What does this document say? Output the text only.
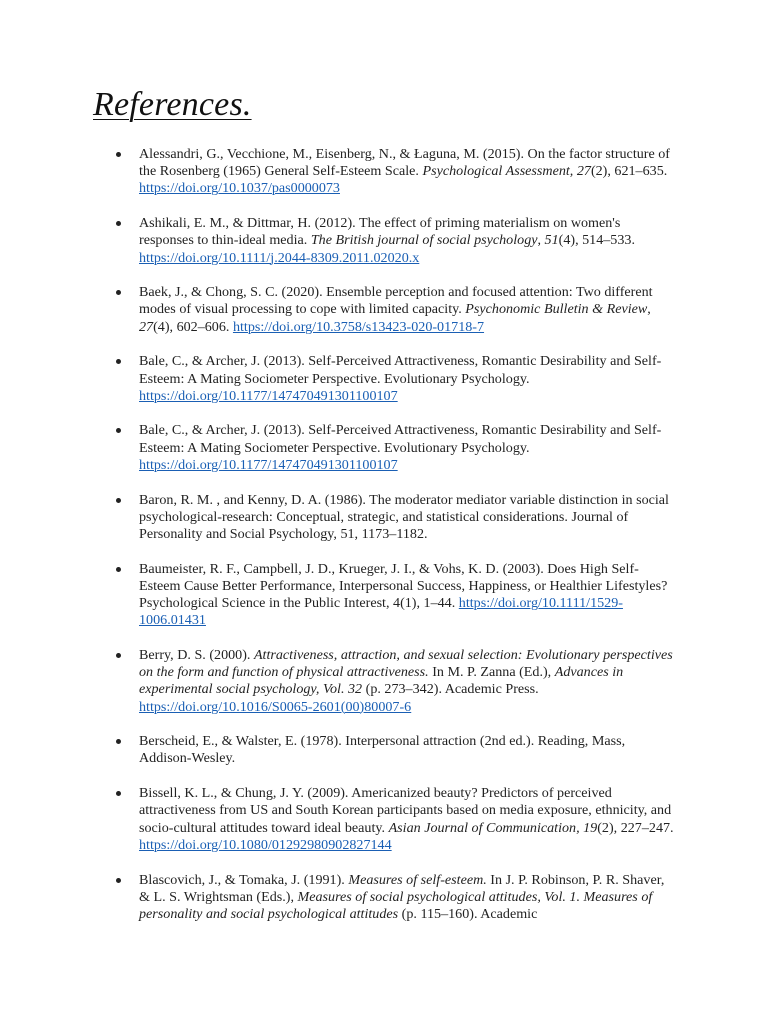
References.
Alessandri, G., Vecchione, M., Eisenberg, N., & Łaguna, M. (2015). On the factor structure of the Rosenberg (1965) General Self-Esteem Scale. Psychological Assessment, 27(2), 621–635. https://doi.org/10.1037/pas0000073
Ashikali, E. M., & Dittmar, H. (2012). The effect of priming materialism on women's responses to thin-ideal media. The British journal of social psychology, 51(4), 514–533. https://doi.org/10.1111/j.2044-8309.2011.02020.x
Baek, J., & Chong, S. C. (2020). Ensemble perception and focused attention: Two different modes of visual processing to cope with limited capacity. Psychonomic Bulletin & Review, 27(4), 602–606. https://doi.org/10.3758/s13423-020-01718-7
Bale, C., & Archer, J. (2013). Self-Perceived Attractiveness, Romantic Desirability and Self-Esteem: A Mating Sociometer Perspective. Evolutionary Psychology. https://doi.org/10.1177/147470491301100107
Bale, C., & Archer, J. (2013). Self-Perceived Attractiveness, Romantic Desirability and Self-Esteem: A Mating Sociometer Perspective. Evolutionary Psychology. https://doi.org/10.1177/147470491301100107
Baron, R. M. , and Kenny, D. A. (1986). The moderator mediator variable distinction in social psychological-research: Conceptual, strategic, and statistical considerations. Journal of Personality and Social Psychology, 51, 1173–1182.
Baumeister, R. F., Campbell, J. D., Krueger, J. I., & Vohs, K. D. (2003). Does High Self-Esteem Cause Better Performance, Interpersonal Success, Happiness, or Healthier Lifestyles? Psychological Science in the Public Interest, 4(1), 1–44. https://doi.org/10.1111/1529-1006.01431
Berry, D. S. (2000). Attractiveness, attraction, and sexual selection: Evolutionary perspectives on the form and function of physical attractiveness. In M. P. Zanna (Ed.), Advances in experimental social psychology, Vol. 32 (p. 273–342). Academic Press. https://doi.org/10.1016/S0065-2601(00)80007-6
Berscheid, E., & Walster, E. (1978). Interpersonal attraction (2nd ed.). Reading, Mass, Addison-Wesley.
Bissell, K. L., & Chung, J. Y. (2009). Americanized beauty? Predictors of perceived attractiveness from US and South Korean participants based on media exposure, ethnicity, and socio-cultural attitudes toward ideal beauty. Asian Journal of Communication, 19(2), 227–247. https://doi.org/10.1080/01292980902827144
Blascovich, J., & Tomaka, J. (1991). Measures of self-esteem. In J. P. Robinson, P. R. Shaver, & L. S. Wrightsman (Eds.), Measures of social psychological attitudes, Vol. 1. Measures of personality and social psychological attitudes (p. 115–160). Academic
